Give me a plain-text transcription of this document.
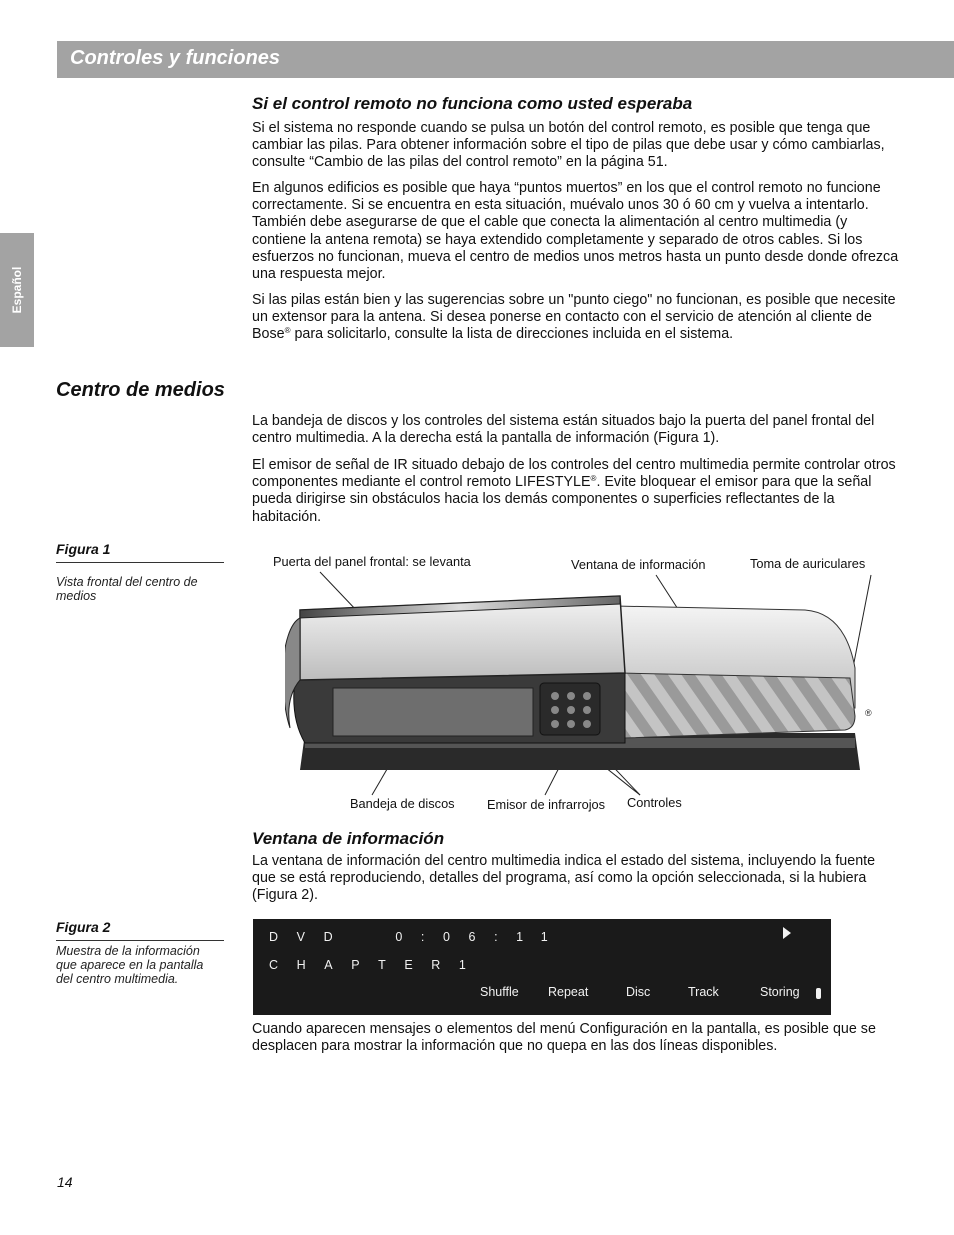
Controles y funciones
Español
Si el control remoto no funciona como usted esperaba
Si el sistema no responde cuando se pulsa un botón del control remoto, es posible que tenga que cambiar las pilas. Para obtener información sobre el tipo de pilas que debe usar y cómo cambiarlas, consulte “Cambio de las pilas del control remoto” en la página 51.
En algunos edificios es posible que haya “puntos muertos” en los que el control remoto no funcione correctamente. Si se encuentra en esta situación, muévalo unos 30 ó 60 cm y vuelva a intentarlo. También debe asegurarse de que el cable que conecta la alimentación al centro multimedia (y contiene la antena remota) se haya extendido completamente y separado de otros cables. Si los esfuerzos no funcionan, mueva el centro de medios unos metros hasta un punto desde donde ofrezca una respuesta mejor.
Si las pilas están bien y las sugerencias sobre un "punto ciego" no funcionan, es posible que necesite un extensor para la antena. Si desea ponerse en contacto con el servicio de atención al cliente de Bose® para solicitarlo, consulte la lista de direcciones incluida en el sistema.
Centro de medios
La bandeja de discos y los controles del sistema están situados bajo la puerta del panel frontal del centro multimedia. A la derecha está la pantalla de información (Figura 1).
El emisor de señal de IR situado debajo de los controles del centro multimedia permite controlar otros componentes mediante el control remoto LIFESTYLE®. Evite bloquear el emisor para que la señal pueda dirigirse sin obstáculos hacia los demás componentes o superficies reflectantes de la habitación.
Figura 1
Vista frontal del centro de medios
®
Puerta del panel frontal: se levanta	Ventana de información	Toma de auriculares
Bandeja de discos	Emisor de infrarrojos Controles
Ventana de información
La ventana de información del centro multimedia indica el estado del sistema, incluyendo la fuente que se está reproduciendo, detalles del programa, así como la opción seleccionada, si la hubiera (Figura 2).
Figura 2
Muestra de la información que aparece en la pantalla del centro multimedia.
DVD  0:06:11
CHAPTER1
Shuffle Repeat	Disc	Track	Storing
Cuando aparecen mensajes o elementos del menú Configuración en la pantalla, es posible que se desplacen para mostrar la información que no quepa en las dos líneas disponibles.
14
